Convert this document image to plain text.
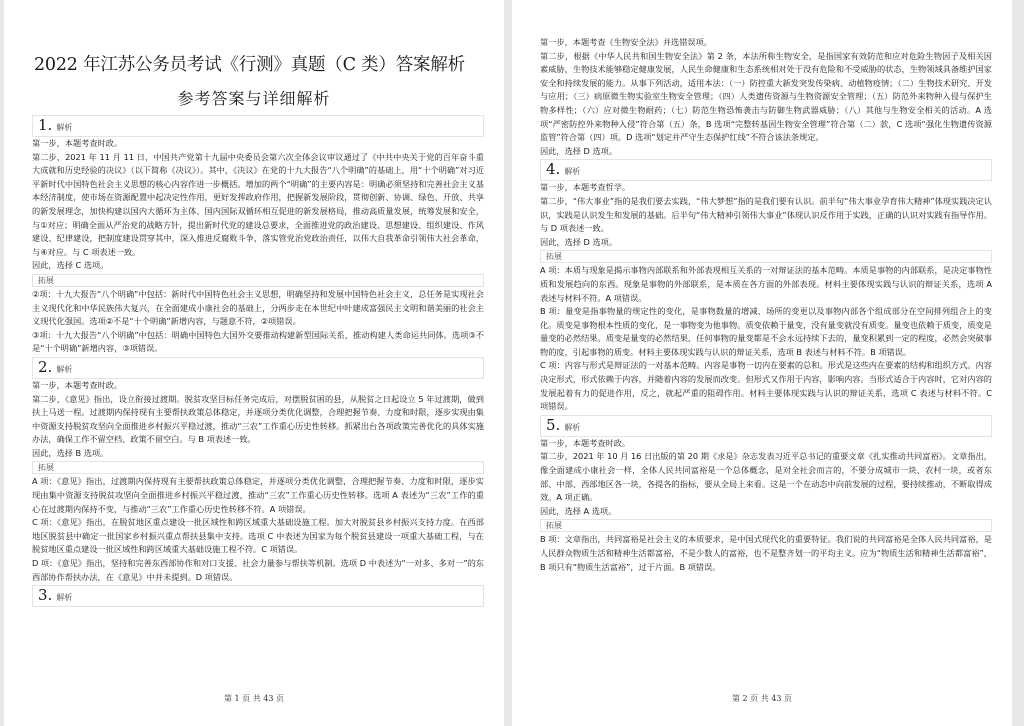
2022 年江苏公务员考试《行测》真题（C 类）答案解析
参考答案与详细解析
1. 解析

第一步，本题考查时政。

第二步，2021 年 11 月 11 日，中国共产党第十九届中央委员会第六次全体会议审议通过了《中共中央关于党的百年奋斗重大成就和历史经验的决议》（以下简称《决议》）。其中，《决议》在党的十九大报告“八个明确”的基础上，用“十个明确”对习近平新时代中国特色社会主义思想的核心内容作进一步概括。增加的两个“明确”的主要内容是：明确必须坚持和完善社会主义基本经济制度，使市场在资源配置中起决定性作用，更好发挥政府作用，把握新发展阶段，贯彻创新、协调、绿色、开放、共享的新发展理念，加快构建以国内大循环为主体、国内国际双循环相互促进的新发展格局，推动高质量发展，统筹发展和安全，与①对应；明确全面从严治党的战略方针，提出新时代党的建设总要求，全面推进党的政治建设、思想建设、组织建设、作风建设、纪律建设，把制度建设贯穿其中，深入推进反腐败斗争，落实管党治党政治责任，以伟大自我革命引领伟大社会革命，与④对应。与 C 项表述一致。

因此，选择 C 选项。

拓展

②项：十九大报告“八个明确”中包括：新时代中国特色社会主义思想，明确坚持和发展中国特色社会主义，总任务是实现社会主义现代化和中华民族伟大复兴，在全面建成小康社会的基础上，分两步走在本世纪中叶建成富强民主文明和谐美丽的社会主义现代化强国。选项②不是“十个明确”新增内容，与题意不符，②项错误。

③项：十九大报告“八个明确”中包括：明确中国特色大国外交要推动构建新型国际关系，推动构建人类命运共同体。选项③不是“十个明确”新增内容，③项错误。

2. 解析

第一步，本题考查时政。

第二步，《意见》指出，设立衔接过渡期。脱贫攻坚目标任务完成后，对摆脱贫困的县，从脱贫之日起设立 5 年过渡期，做到扶上马送一程。过渡期内保持现有主要帮扶政策总体稳定，并逐项分类优化调整，合理把握节奏、力度和时限，逐步实现由集中资源支持脱贫攻坚向全面推进乡村振兴平稳过渡，推动“三农”工作重心历史性转移。抓紧出台各项政策完善优化的具体实施办法，确保工作不留空档、政策不留空白。与 B 项表述一致。

因此，选择 B 选项。

拓展

A 项：《意见》指出，过渡期内保持现有主要帮扶政策总体稳定，并逐项分类优化调整，合理把握节奏、力度和时限，逐步实现由集中资源支持脱贫攻坚向全面推进乡村振兴平稳过渡，推动“三农”工作重心历史性转移。选项 A 表述为“三农”工作的重心在过渡期内保持不变，与推动“三农”工作重心历史性转移不符。A 项错误。

C 项：《意见》指出，在脱贫地区重点建设一批区域性和跨区域重大基础设施工程。加大对脱贫县乡村振兴支持力度。在西部地区脱贫县中确定一批国家乡村振兴重点帮扶县集中支持。选项 C 中表述为国家为每个脱贫县建设一项重大基础工程，与在脱贫地区重点建设一批区域性和跨区域重大基础设施工程不符。C 项错误。

D 项：《意见》指出，坚持和完善东西部协作和对口支援、社会力量参与帮扶等机制。选项 D 中表述为“一对多、多对一”的东西部协作帮扶办法，在《意见》中并未提到。D 项错误。

3. 解析
第 1 页 共 43 页

第一步，本题考查《生物安全法》并选错误项。

第二步，根据《中华人民共和国生物安全法》第 2 条，本法所称生物安全，是指国家有效防范和应对危险生物因子及相关因素威胁，生物技术能够稳定健康发展，人民生命健康和生态系统相对处于没有危险和不受威胁的状态，生物领域具备维护国家安全和持续发展的能力。从事下列活动，适用本法：（一）防控重大新发突发传染病、动植物疫情；（二）生物技术研究、开发与应用；（三）病原微生物实验室生物安全管理；（四）人类遗传资源与生物资源安全管理；（五）防范外来物种入侵与保护生物多样性；（六）应对微生物耐药；（七）防范生物恐怖袭击与防御生物武器威胁；（八）其他与生物安全相关的活动。A 选项“严密防控外来物种入侵”符合第（五）条，B 选项“完整转基因生物安全管理”符合第（二）款，C 选项“强化生物遗传资源监管”符合第（四）项。D 选项“划定并严守生态保护红线”不符合该法条规定。

因此，选择 D 选项。

4. 解析

第一步，本题考查哲学。

第二步，“伟大事业”指的是我们要去实践，“伟大梦想”指的是我们要有认识。前半句“伟大事业孕育伟大精神”体现实践决定认识，实践是认识发生和发展的基础。后半句“伟大精神引领伟大事业”体现认识反作用于实践，正确的认识对实践有指导作用。与 D 项表述一致。

因此，选择 D 选项。

拓展

A 项：本质与现象是揭示事物内部联系和外部表现相互关系的一对辩证法的基本范畴。本质是事物的内部联系，是决定事物性质和发展趋向的东西。现象是事物的外部联系，是本质在各方面的外部表现。材料主要体现实践与认识的辩证关系，选项 A 表述与材料不符。A 项错误。

B 项：量变是指事物量的规定性的变化，是事物数量的增减、场所的变更以及事物内部各个组成部分在空间排列组合上的变化。质变是事物根本性质的变化，是一事物变为他事物。质变依赖于量变，没有量变就没有质变。量变也依赖于质变，质变是量变的必然结果。质变是量变的必然结果，任何事物的量变都是不会永远持续下去的，量变积累到一定的程度，必然会突破事物的度，引起事物的质变。材料主要体现实践与认识的辩证关系，选项 B 表述与材料不符。B 项错误。

C 项：内容与形式是辩证法的一对基本范畴。内容是事物一切内在要素的总和。形式是这些内在要素的结构和组织方式。内容决定形式，形式依赖于内容，并随着内容的发展而改变。但形式又作用于内容，影响内容。当形式适合于内容时，它对内容的发展起着有力的促进作用，反之，就起严重的阻碍作用。材料主要体现实践与认识的辩证关系，选项 C 表述与材料不符。C 项错误。

5. 解析

第一步，本题考查时政。

第二步，2021 年 10 月 16 日出版的第 20 期《求是》杂志发表习近平总书记的重要文章《扎实推动共同富裕》。文章指出，像全面建成小康社会一样，全体人民共同富裕是一个总体概念，是对全社会而言的，不要分成城市一块、农村一块，或者东部、中部、西部地区各一块，各提各的指标，要从全局上来看。这是一个在动态中向前发展的过程，要持续推动，不断取得成效。A 项正确。

因此，选择 A 选项。

拓展

B 项：文章指出，共同富裕是社会主义的本质要求，是中国式现代化的重要特征。我们说的共同富裕是全体人民共同富裕，是人民群众物质生活和精神生活都富裕，不是少数人的富裕，也不是整齐划一的平均主义。应为“物质生活和精神生活都富裕”，B 项只有“物质生活富裕”，过于片面。B 项错误。

第 2 页 共 43 页
